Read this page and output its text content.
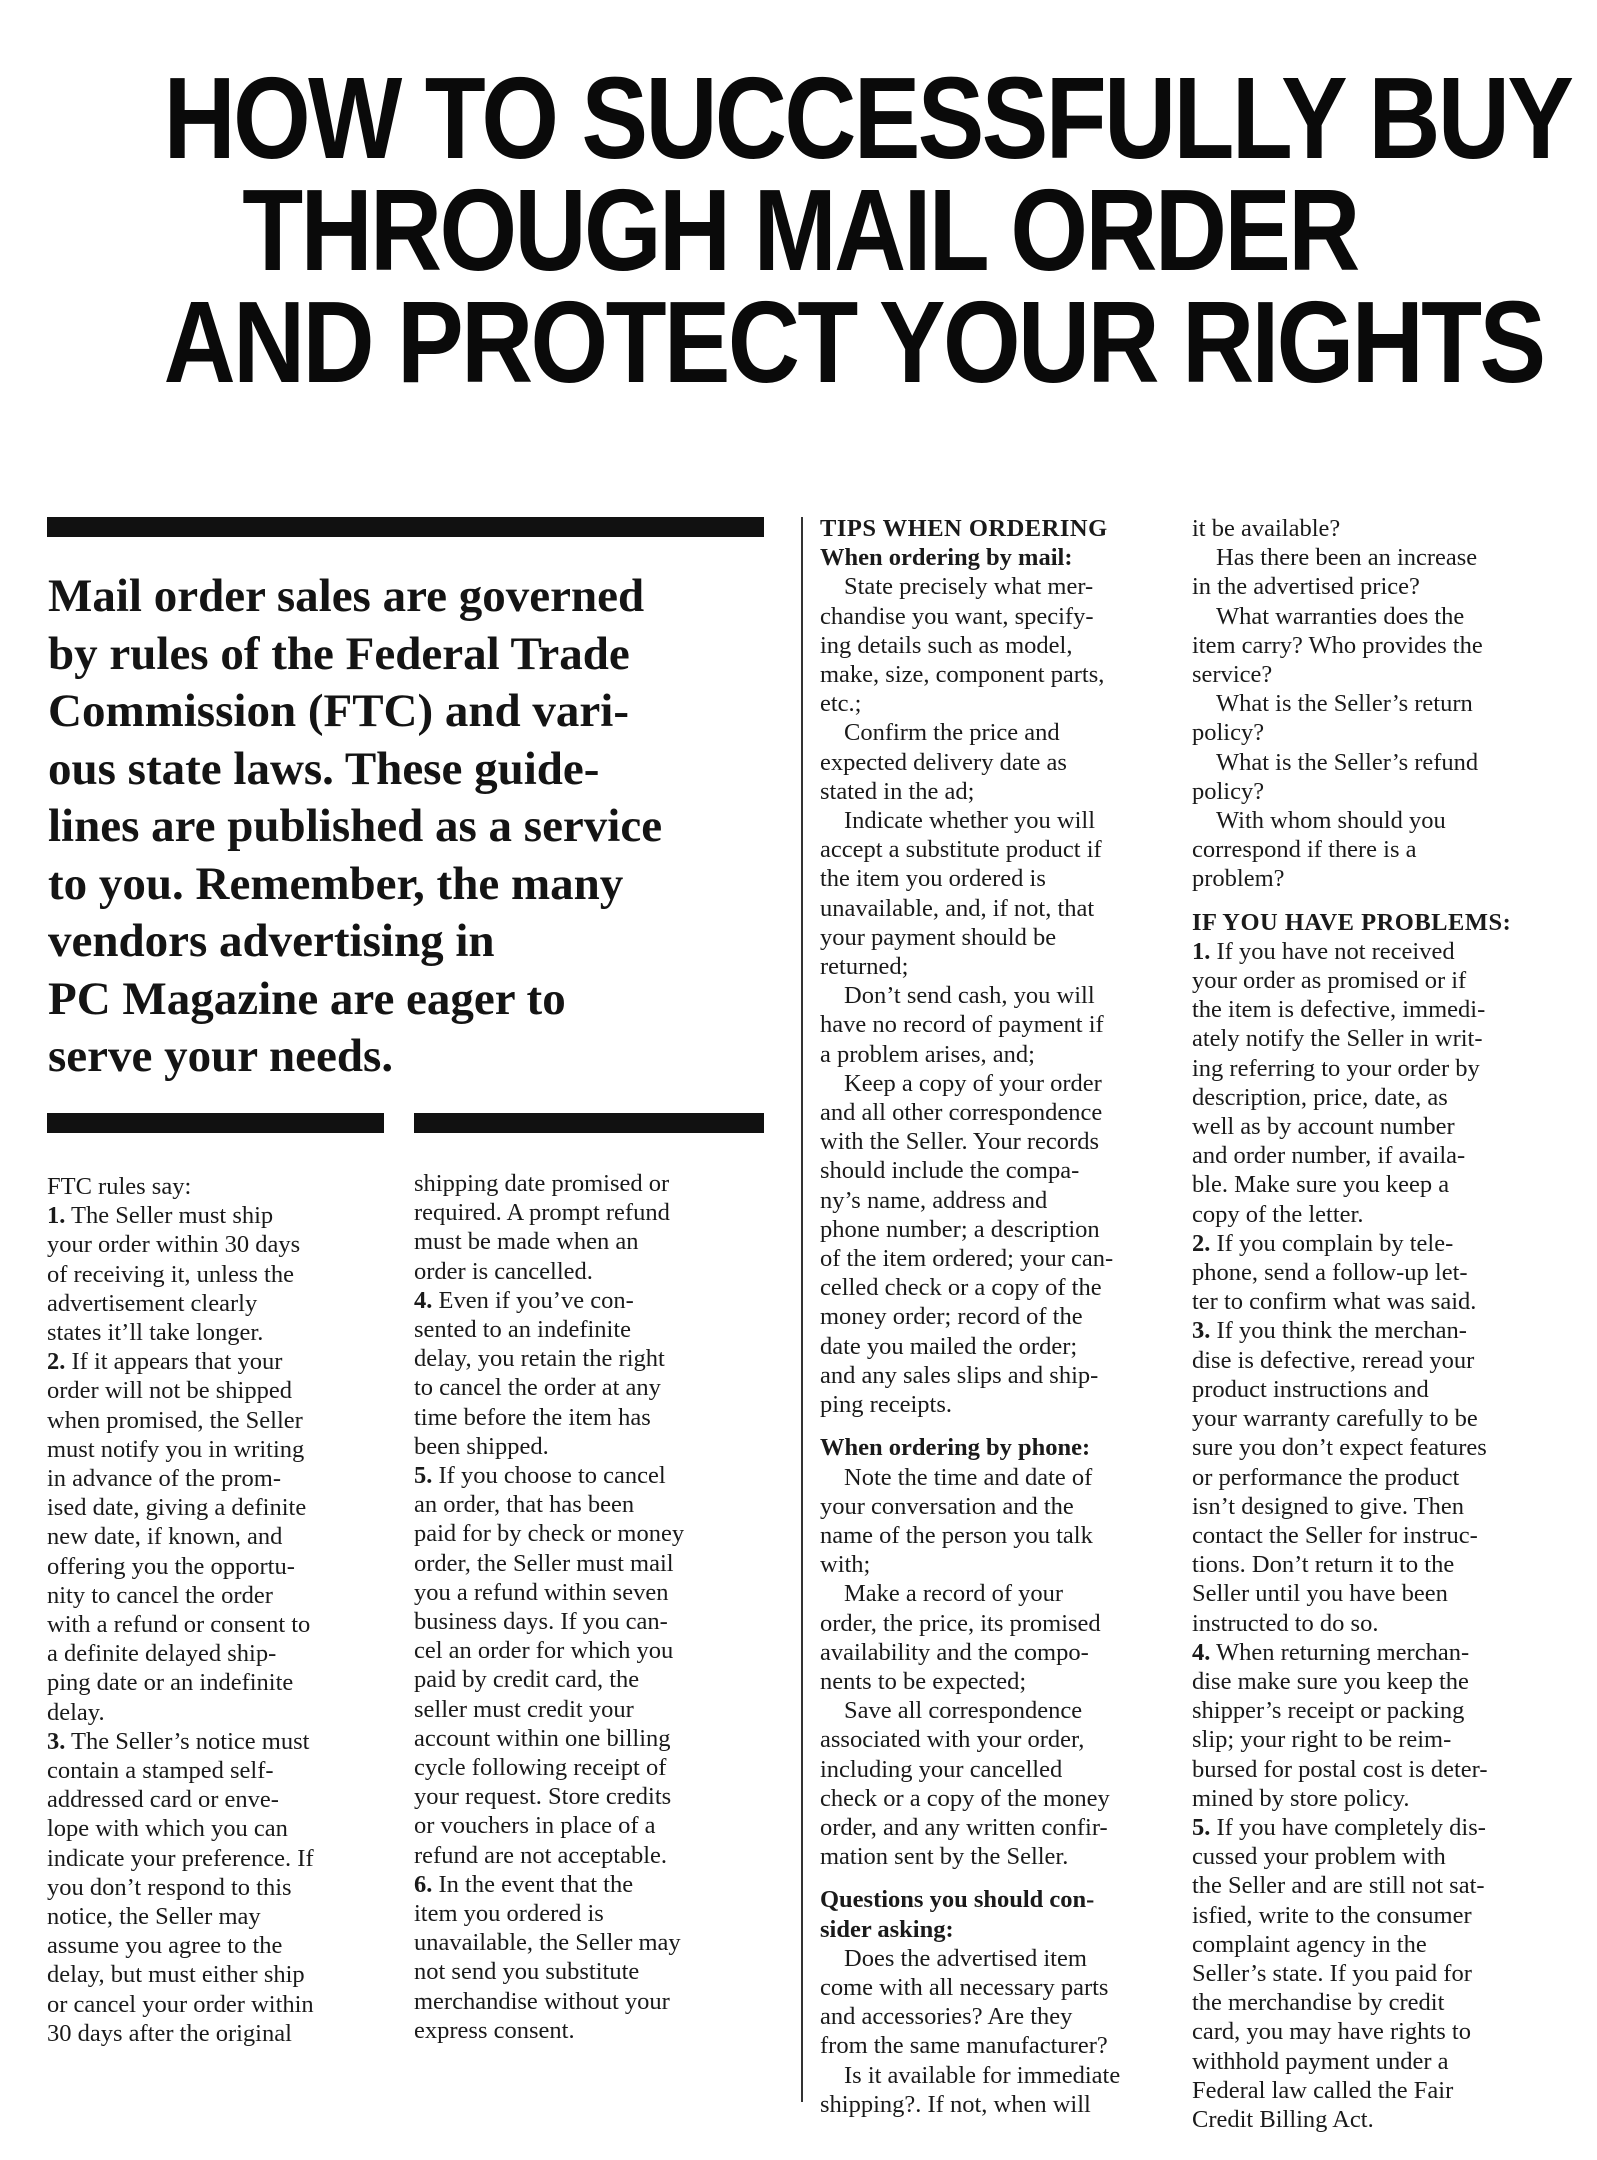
HOW TO SUCCESSFULLY BUY
THROUGH MAIL ORDER
AND PROTECT YOUR RIGHTS

Mail order sales are governed
by rules of the Federal Trade
Commission (FTC) and vari-
ous state laws. These guide-
lines are published as a service
to you. Remember, the many
vendors advertising in
PC Magazine are eager to
serve your needs.

FTC rules say:
1. The Seller must ship
your order within 30 days
of receiving it, unless the
advertisement clearly
states it’ll take longer.
2. If it appears that your
order will not be shipped
when promised, the Seller
must notify you in writing
in advance of the prom-
ised date, giving a definite
new date, if known, and
offering you the opportu-
nity to cancel the order
with a refund or consent to
a definite delayed ship-
ping date or an indefinite
delay.
3. The Seller’s notice must
contain a stamped self-
addressed card or enve-
lope with which you can
indicate your preference. If
you don’t respond to this
notice, the Seller may
assume you agree to the
delay, but must either ship
or cancel your order within
30 days after the original
shipping date promised or
required. A prompt refund
must be made when an
order is cancelled.
4. Even if you’ve con-
sented to an indefinite
delay, you retain the right
to cancel the order at any
time before the item has
been shipped.
5. If you choose to cancel
an order, that has been
paid for by check or money
order, the Seller must mail
you a refund within seven
business days. If you can-
cel an order for which you
paid by credit card, the
seller must credit your
account within one billing
cycle following receipt of
your request. Store credits
or vouchers in place of a
refund are not acceptable.
6. In the event that the
item you ordered is
unavailable, the Seller may
not send you substitute
merchandise without your
express consent.
TIPS WHEN ORDERING
When ordering by mail:
State precisely what mer-
chandise you want, specify-
ing details such as model,
make, size, component parts,
etc.;
Confirm the price and
expected delivery date as
stated in the ad;
Indicate whether you will
accept a substitute product if
the item you ordered is
unavailable, and, if not, that
your payment should be
returned;
Don’t send cash, you will
have no record of payment if
a problem arises, and;
Keep a copy of your order
and all other correspondence
with the Seller. Your records
should include the compa-
ny’s name, address and
phone number; a description
of the item ordered; your can-
celled check or a copy of the
money order; record of the
date you mailed the order;
and any sales slips and ship-
ping receipts.
When ordering by phone:
Note the time and date of
your conversation and the
name of the person you talk
with;
Make a record of your
order, the price, its promised
availability and the compo-
nents to be expected;
Save all correspondence
associated with your order,
including your cancelled
check or a copy of the money
order, and any written confir-
mation sent by the Seller.
Questions you should con-
sider asking:
Does the advertised item
come with all necessary parts
and accessories? Are they
from the same manufacturer?
Is it available for immediate
shipping?. If not, when will
it be available?
Has there been an increase
in the advertised price?
What warranties does the
item carry? Who provides the
service?
What is the Seller’s return
policy?
What is the Seller’s refund
policy?
With whom should you
correspond if there is a
problem?
IF YOU HAVE PROBLEMS:
1. If you have not received
your order as promised or if
the item is defective, immedi-
ately notify the Seller in writ-
ing referring to your order by
description, price, date, as
well as by account number
and order number, if availa-
ble. Make sure you keep a
copy of the letter.
2. If you complain by tele-
phone, send a follow-up let-
ter to confirm what was said.
3. If you think the merchan-
dise is defective, reread your
product instructions and
your warranty carefully to be
sure you don’t expect features
or performance the product
isn’t designed to give. Then
contact the Seller for instruc-
tions. Don’t return it to the
Seller until you have been
instructed to do so.
4. When returning merchan-
dise make sure you keep the
shipper’s receipt or packing
slip; your right to be reim-
bursed for postal cost is deter-
mined by store policy.
5. If you have completely dis-
cussed your problem with
the Seller and are still not sat-
isfied, write to the consumer
complaint agency in the
Seller’s state. If you paid for
the merchandise by credit
card, you may have rights to
withhold payment under a
Federal law called the Fair
Credit Billing Act.
